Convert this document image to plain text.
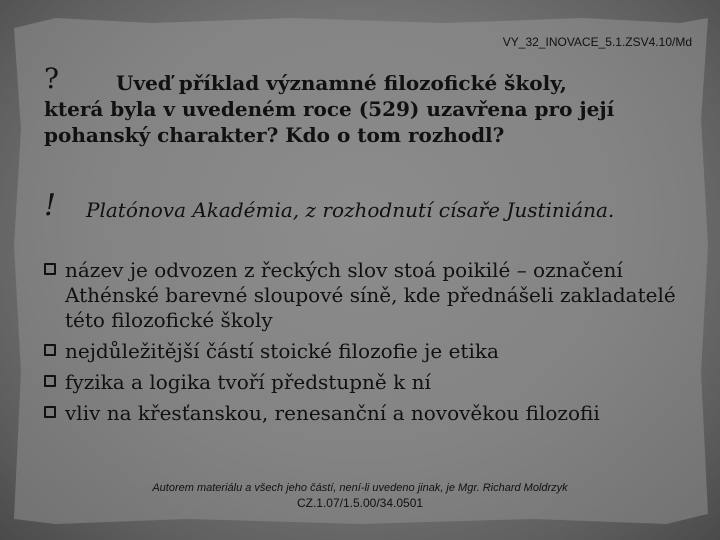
VY_32_INOVACE_5.1.ZSV4.10/Md
?	Uveď příklad významné filozofické školy,
která byla v uvedeném roce (529) uzavřena pro její pohanský charakter? Kdo o tom rozhodl?
! Platónova Akadémia, z rozhodnutí císaře Justiniána.
název je odvozen z řeckých slov stoá poikilé – označení Athénské barevné sloupové síně, kde přednášeli zakladatelé této filozofické školy
nejdůležitější částí stoické filozofie je etika
fyzika a logika tvoří předstupně k ní
vliv na křesťanskou, renesanční a novověkou filozofii
Autorem materiálu a všech jeho částí, není-li uvedeno jinak, je Mgr. Richard Moldrzyk
CZ.1.07/1.5.00/34.0501
